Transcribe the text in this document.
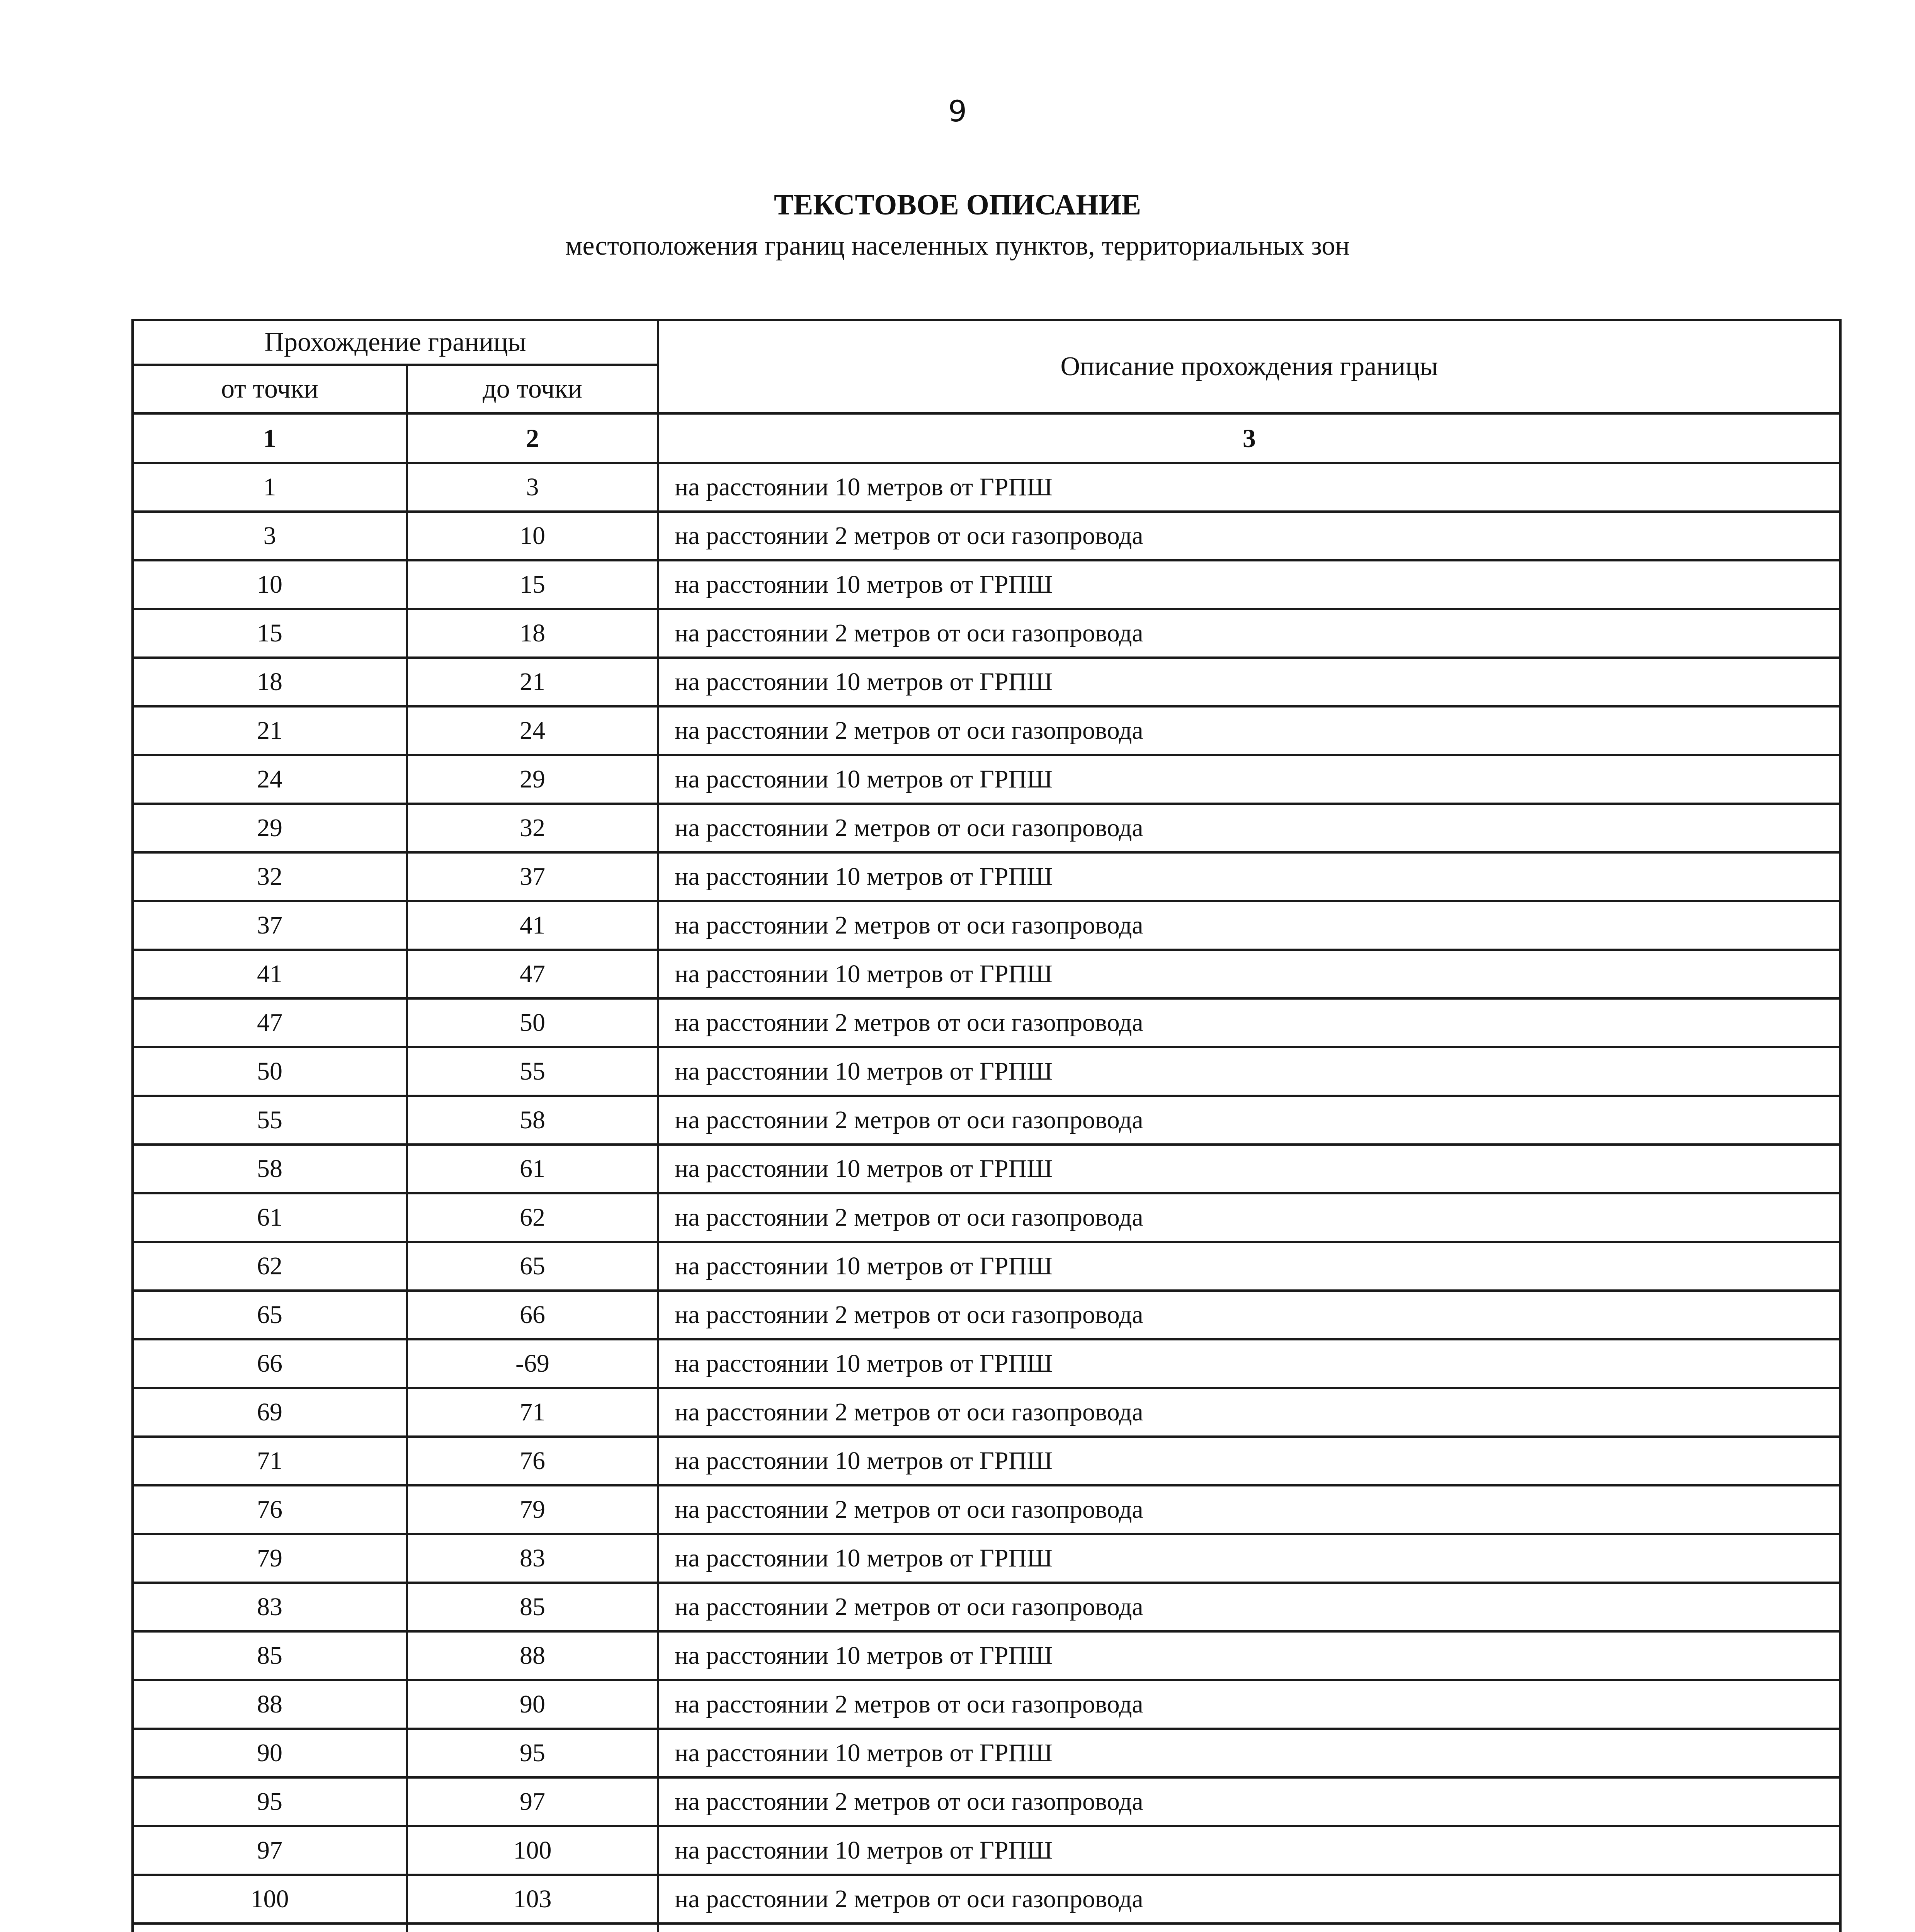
9
ТЕКСТОВОЕ ОПИСАНИЕ
местоположения границ населенных пунктов, территориальных зон
Прохождение границы		Описание прохождения границы
от точки	до точки	
1	2	3
1	3	на расстоянии 10 метров от ГРПШ
3	10	на расстоянии 2 метров от оси газопровода
10	15	на расстоянии 10 метров от ГРПШ
15	18	на расстоянии 2 метров от оси газопровода
18	21	на расстоянии 10 метров от ГРПШ
21	24	на расстоянии 2 метров от оси газопровода
24	29	на расстоянии 10 метров от ГРПШ
29	32	на расстоянии 2 метров от оси газопровода
32	37	на расстоянии 10 метров от ГРПШ
37	41	на расстоянии 2 метров от оси газопровода
41	47	на расстоянии 10 метров от ГРПШ
47	50	на расстоянии 2 метров от оси газопровода
50	55	на расстоянии 10 метров от ГРПШ
55	58	на расстоянии 2 метров от оси газопровода
58	61	на расстоянии 10 метров от ГРПШ
61	62	на расстоянии 2 метров от оси газопровода
62	65	на расстоянии 10 метров от ГРПШ
65	66	на расстоянии 2 метров от оси газопровода
66	-69	на расстоянии 10 метров от ГРПШ
69	71	на расстоянии 2 метров от оси газопровода
71	76	на расстоянии 10 метров от ГРПШ
76	79	на расстоянии 2 метров от оси газопровода
79	83	на расстоянии 10 метров от ГРПШ
83	85	на расстоянии 2 метров от оси газопровода
85	88	на расстоянии 10 метров от ГРПШ
88	90	на расстоянии 2 метров от оси газопровода
90	95	на расстоянии 10 метров от ГРПШ
95	97	на расстоянии 2 метров от оси газопровода
97	100	на расстоянии 10 метров от ГРПШ
100	103	на расстоянии 2 метров от оси газопровода
